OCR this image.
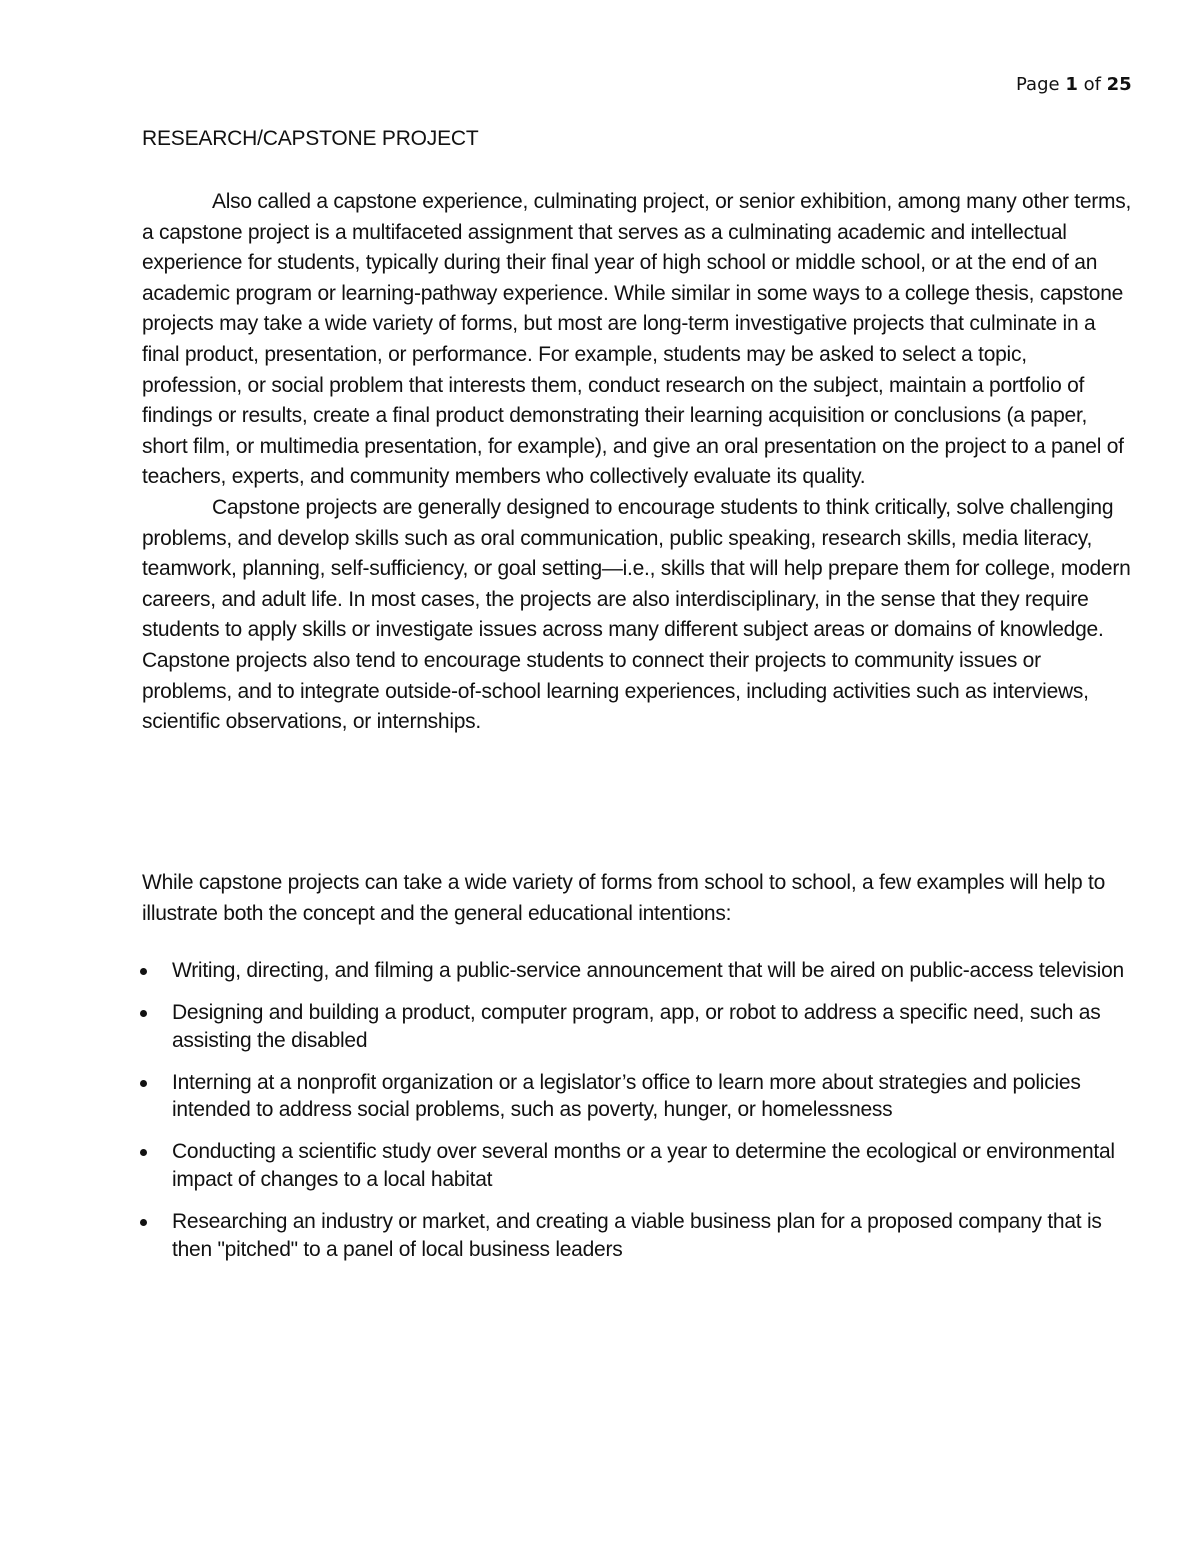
Page 1 of 25
RESEARCH/CAPSTONE PROJECT

Also called a capstone experience, culminating project, or senior exhibition, among many other terms, a capstone project is a multifaceted assignment that serves as a culminating academic and intellectual experience for students, typically during their final year of high school or middle school, or at the end of an academic program or learning-pathway experience. While similar in some ways to a college thesis, capstone projects may take a wide variety of forms, but most are long-term investigative projects that culminate in a final product, presentation, or performance. For example, students may be asked to select a topic, profession, or social problem that interests them, conduct research on the subject, maintain a portfolio of findings or results, create a final product demonstrating their learning acquisition or conclusions (a paper, short film, or multimedia presentation, for example), and give an oral presentation on the project to a panel of teachers, experts, and community members who collectively evaluate its quality.

Capstone projects are generally designed to encourage students to think critically, solve challenging problems, and develop skills such as oral communication, public speaking, research skills, media literacy, teamwork, planning, self-sufficiency, or goal setting—i.e., skills that will help prepare them for college, modern careers, and adult life. In most cases, the projects are also interdisciplinary, in the sense that they require students to apply skills or investigate issues across many different subject areas or domains of knowledge. Capstone projects also tend to encourage students to connect their projects to community issues or problems, and to integrate outside-of-school learning experiences, including activities such as interviews, scientific observations, or internships.

While capstone projects can take a wide variety of forms from school to school, a few examples will help to illustrate both the concept and the general educational intentions:

Writing, directing, and filming a public-service announcement that will be aired on public-access television
Designing and building a product, computer program, app, or robot to address a specific need, such as assisting the disabled
Interning at a nonprofit organization or a legislator’s office to learn more about strategies and policies intended to address social problems, such as poverty, hunger, or homelessness
Conducting a scientific study over several months or a year to determine the ecological or environmental impact of changes to a local habitat
Researching an industry or market, and creating a viable business plan for a proposed company that is then "pitched" to a panel of local business leaders
